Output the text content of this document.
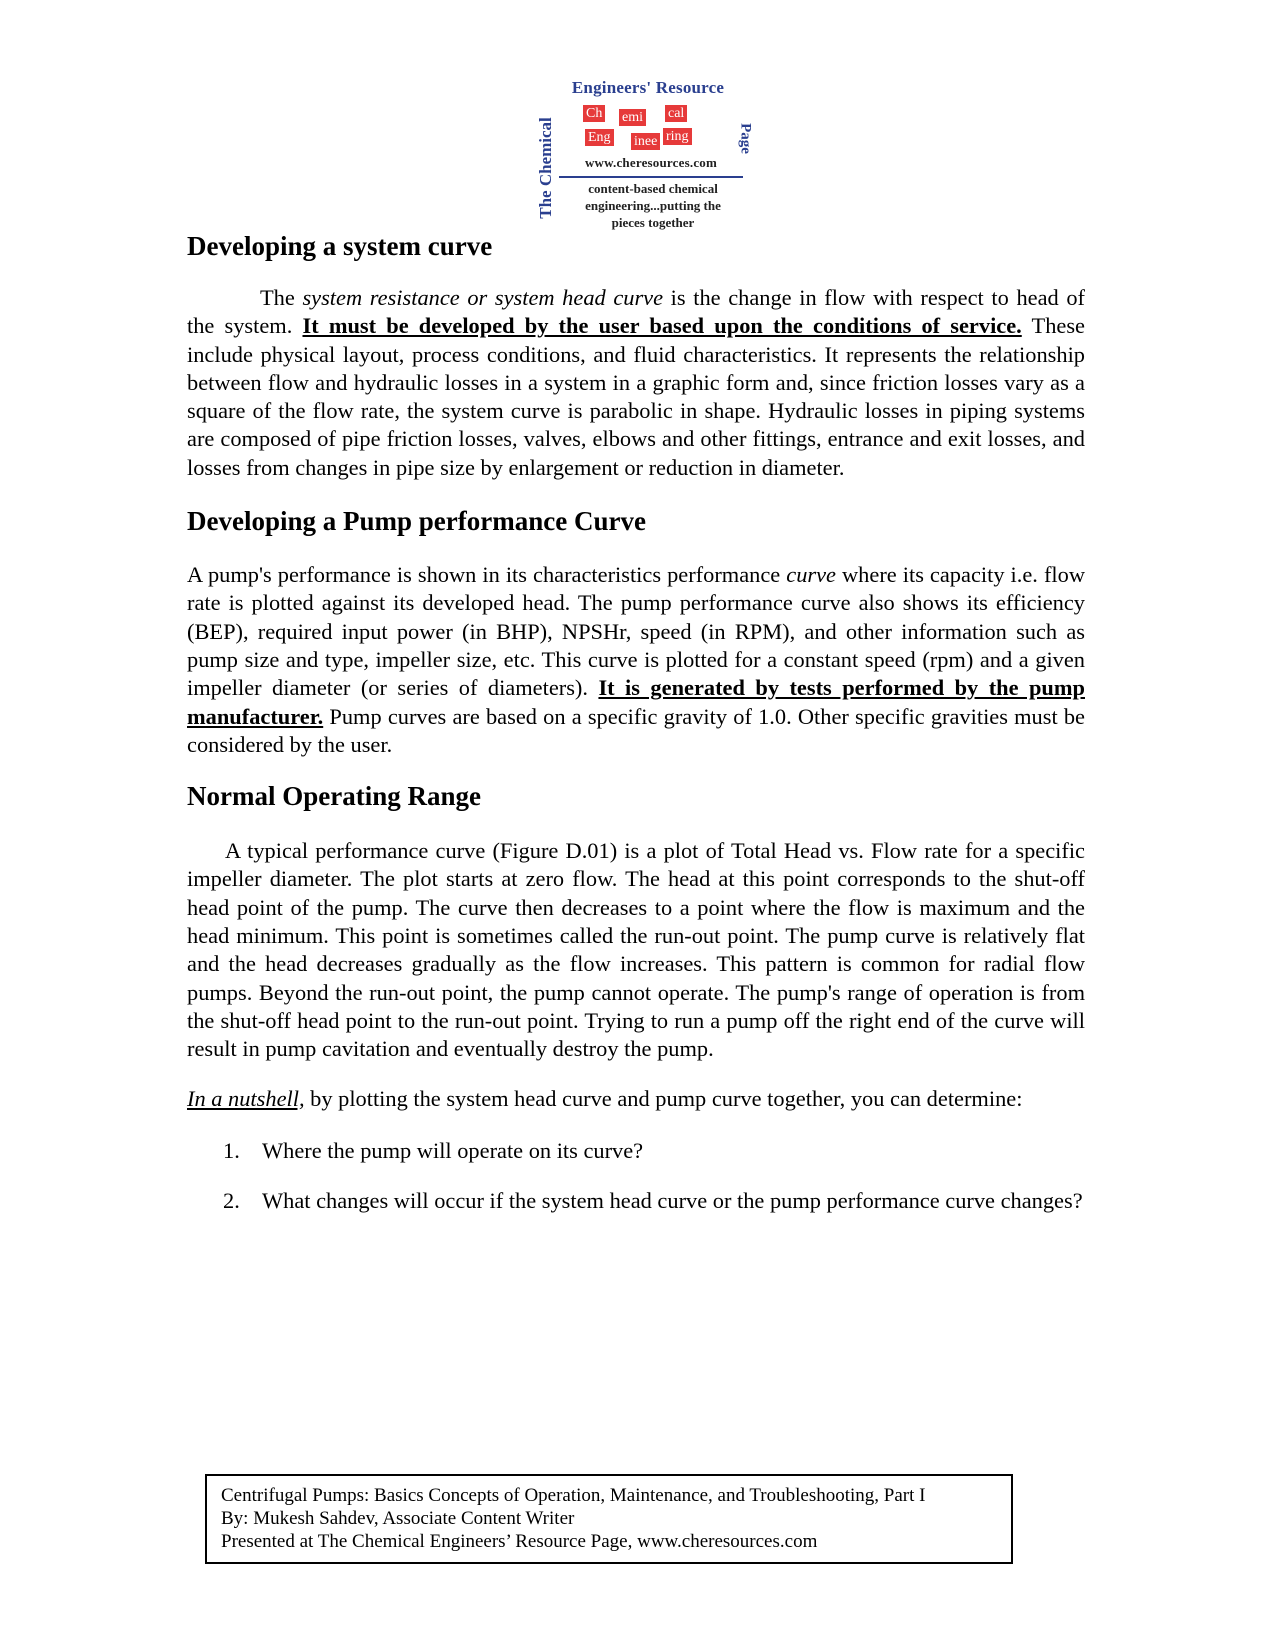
Engineers' Resource
The Chemical	Page
Ch emi cal
Eng inee ring
www.cheresources.com
content-based chemical
engineering...putting the
pieces together
Developing a system curve

The system resistance or system head curve is the change in flow with respect to head of the system. It must be developed by the user based upon the conditions of service. These include physical layout, process conditions, and fluid characteristics. It represents the relationship between flow and hydraulic losses in a system in a graphic form and, since friction losses vary as a square of the flow rate, the system curve is parabolic in shape. Hydraulic losses in piping systems are composed of pipe friction losses, valves, elbows and other fittings, entrance and exit losses, and losses from changes in pipe size by enlargement or reduction in diameter.

Developing a Pump performance Curve

A pump's performance is shown in its characteristics performance curve where its capacity i.e. flow rate is plotted against its developed head. The pump performance curve also shows its efficiency (BEP), required input power (in BHP), NPSHr, speed (in RPM), and other information such as pump size and type, impeller size, etc. This curve is plotted for a constant speed (rpm) and a given impeller diameter (or series of diameters). It is generated by tests performed by the pump manufacturer. Pump curves are based on a specific gravity of 1.0. Other specific gravities must be considered by the user.

Normal Operating Range

A typical performance curve (Figure D.01) is a plot of Total Head vs. Flow rate for a specific impeller diameter. The plot starts at zero flow. The head at this point corresponds to the shut-off head point of the pump. The curve then decreases to a point where the flow is maximum and the head minimum. This point is sometimes called the run-out point. The pump curve is relatively flat and the head decreases gradually as the flow increases. This pattern is common for radial flow pumps. Beyond the run-out point, the pump cannot operate. The pump's range of operation is from the shut-off head point to the run-out point. Trying to run a pump off the right end of the curve will result in pump cavitation and eventually destroy the pump.

In a nutshell, by plotting the system head curve and pump curve together, you can determine:

1. Where the pump will operate on its curve?
2. What changes will occur if the system head curve or the pump performance curve changes?
Centrifugal Pumps: Basics Concepts of Operation, Maintenance, and Troubleshooting, Part I
By: Mukesh Sahdev, Associate Content Writer
Presented at The Chemical Engineers’ Resource Page, www.cheresources.com
